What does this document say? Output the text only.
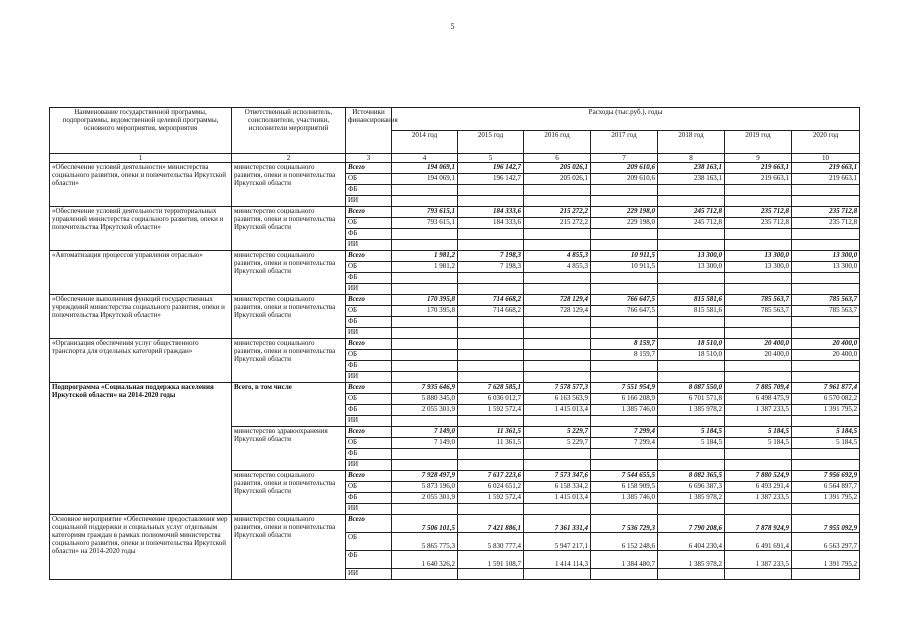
5
Наименование государственной программы, подпрограммы, ведомственной целевой программы, основного мероприятия, мероприятия	Ответственный исполнитель, соисполнители, участники, исполнители мероприятий	Источники финансирования	Расходы (тыс.руб.), годы						
			2014 год	2015 год	2016 год	2017 год	2018 год	2019 год	2020 год
1	2	3	4	5	6	7	8	9	10
«Обеспечение условий деятельности» министерства социального развития, опеки и попечительства Иркутской области»	министерство социального развития, опеки и попечительства Иркутской области	Всего	194 069,1	196 142,7	205 026,1	209 610,6	238 163,1	219 663,1	219 663,1
		ОБ	194 069,1	196 142,7	205 026,1	209 610,6	238 163,1	219 663,1	219 663,1
		ФБ							
		ИИ							
«Обеспечение условий деятельности территориальных управлений министерства социального развития, опеки и попечительства Иркутской области»	министерство социального развития, опеки и попечительства Иркутской области	Всего	793 615,1	184 333,6	215 272,2	229 198,0	245 712,8	235 712,8	235 712,8
		ОБ	793 615,1	184 333,6	215 272,2	229 198,0	245 712,8	235 712,8	235 712,8
		ФБ							
		ИИ							
«Автоматизация процессов управления отраслью»	министерство социального развития, опеки и попечительства Иркутской области	Всего	1 981,2	7 198,3	4 855,3	10 911,5	13 300,0	13 300,0	13 300,0
		ОБ	1 981,2	7 198,3	4 855,3	10 911,5	13 300,0	13 300,0	13 300,0
		ФБ							
		ИИ							
«Обеспечение выполнения функций государственных учреждений министерства социального развития, опеки и попечительства Иркутской области»	министерство социального развития, опеки и попечительства Иркутской области	Всего	170 395,8	714 668,2	728 129,4	766 647,5	815 581,6	785 563,7	785 563,7
		ОБ	170 395,8	714 668,2	728 129,4	766 647,5	815 581,6	785 563,7	785 563,7
		ФБ							
		ИИ							
«Организация обеспечения услуг общественного транспорта для отдельных категорий граждан»	министерство социального развития, опеки и попечительства Иркутской области	Всего				8 159,7	18 510,0	20 400,0	20 400,0
		ОБ				8 159,7	18 510,0	20 400,0	20 400,0
		ФБ							
		ИИ							
Подпрограмма «Социальная поддержка населения Иркутской области» на 2014-2020 годы	Всего, в том числе	Всего	7 935 646,9	7 628 585,1	7 578 577,3	7 551 954,9	8 087 550,0	7 885 709,4	7 961 877,4
		ОБ	5 880 345,0	6 036 012,7	6 163 563,9	6 166 208,9	6 701 571,8	6 498 475,9	6 570 082,2
		ФБ	2 055 301,9	1 592 572,4	1 415 013,4	1 385 746,0	1 385 978,2	1 387 233,5	1 391 795,2
		ИИ							
	министерство здравоохранения Иркутской области	Всего	7 149,0	11 361,5	5 229,7	7 299,4	5 184,5	5 184,5	5 184,5
		ОБ	7 149,0	11 361,5	5 229,7	7 299,4	5 184,5	5 184,5	5 184,5
		ФБ							
		ИИ							
	министерство социального развития, опеки и попечительства Иркутской области	Всего	7 928 497,9	7 617 223,6	7 573 347,6	7 544 655,5	8 082 365,5	7 880 524,9	7 956 692,9
		ОБ	5 873 196,0	6 024 651,2	6 158 334,2	6 158 909,5	6 696 387,3	6 493 291,4	6 564 897,7
		ФБ	2 055 301,9	1 592 572,4	1 415 013,4	1 385 746,0	1 385 978,2	1 387 233,5	1 391 795,2
		ИИ							
Основное мероприятие «Обеспечение предоставления мер социальной поддержки и социальных услуг отдельным категориям граждан в рамках полномочий министерства социального развития, опеки и попечительства Иркутской области» на 2014-2020 годы	министерство социального развития, опеки и попечительства Иркутской области	Всего	7 506 101,5	7 421 886,1	7 361 331,4	7 536 729,3	7 790 208,6	7 878 924,9	7 955 092,9
		ОБ	5 865 775,3	5 830 777,4	5 947 217,1	6 152 248,6	6 404 230,4	6 491 691,4	6 563 297,7
		ФБ	1 640 326,2	1 591 108,7	1 414 114,3	1 384 480,7	1 385 978,2	1 387 233,5	1 391 795,2
		ИИ							
